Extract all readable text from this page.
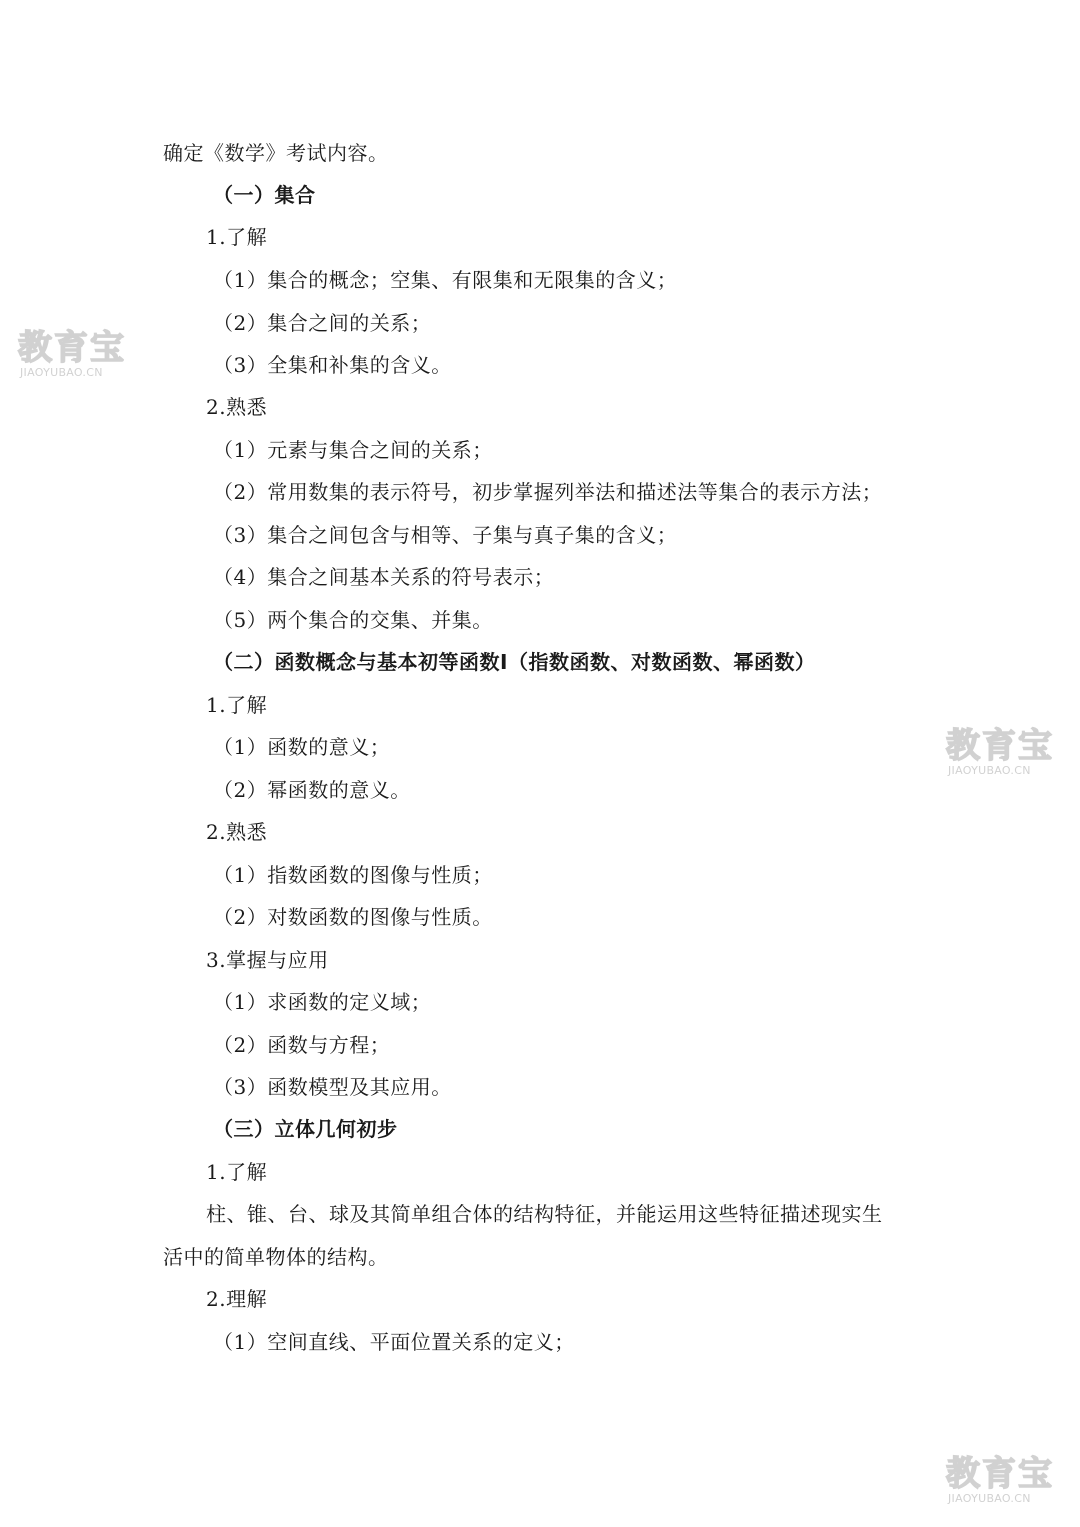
确定《数学》考试内容。
（一）集合
1.了解
（1）集合的概念；空集、有限集和无限集的含义；
（2）集合之间的关系；
（3）全集和补集的含义。
2.熟悉
（1）元素与集合之间的关系；
（2）常用数集的表示符号，初步掌握列举法和描述法等集合的表示方法；
（3）集合之间包含与相等、子集与真子集的含义；
（4）集合之间基本关系的符号表示；
（5）两个集合的交集、并集。
（二）函数概念与基本初等函数Ⅰ（指数函数、对数函数、幂函数）
1.了解
（1）函数的意义；
（2）幂函数的意义。
2.熟悉
（1）指数函数的图像与性质；
（2）对数函数的图像与性质。
3.掌握与应用
（1）求函数的定义域；
（2）函数与方程；
（3）函数模型及其应用。
（三）立体几何初步
1.了解
柱、锥、台、球及其简单组合体的结构特征，并能运用这些特征描述现实生
活中的简单物体的结构。
2.理解
（1）空间直线、平面位置关系的定义；
教育宝
JIAOYUBAO.CN
教育宝
JIAOYUBAO.CN
教育宝
JIAOYUBAO.CN
